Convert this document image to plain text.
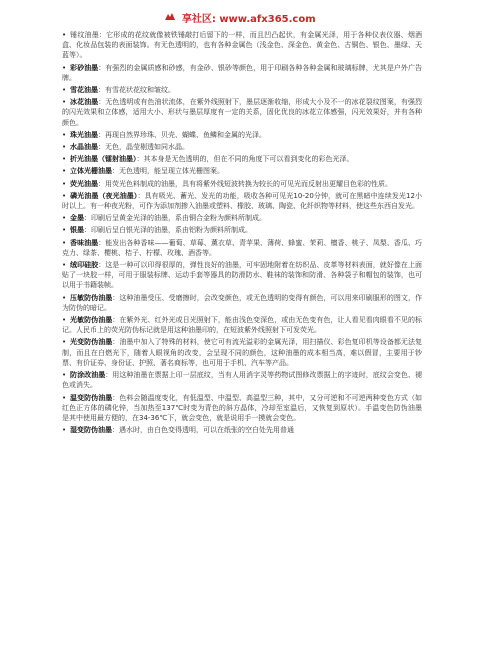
享社区: www.afx365.com

• 锤纹油墨：它形成的花纹就像被铁锤敲打后留下的一样，而且凹凸起伏，有金属光泽，用于各种仪表仪器、烟酒盒、化妆品包装的表面装饰。有无色透明的，也有各种金属色（浅金色、深金色、黄金色、古铜色、银色、墨绿、天蓝等）。

• 彩砂油墨：有强烈的金属质感和砂感，有金砂、银砂等颜色，用于印刷各种各种金属和玻璃标牌，尤其是户外广告牌。

• 雪花油墨：有雪花状花纹和皱纹。

• 冰花油墨：无色透明或有色油状流体，在紫外线照射下，墨层逐渐收缩，形成大小及不一的冰花裂纹图案，有强烈的闪光效果和立体感，适用大小、形状与墨层厚度有一定的关系，固化优良的冰花立体感强，闪光效果好，并有各种颜色。

• 珠光油墨：再现自然界珍珠、贝壳、蝴蝶、鱼鳞和金属的光泽。

• 水晶油墨：无色，晶莹剔透如同水晶。

• 折光油墨（镭射油墨）：其本身是无色透明的，但在不同的角度下可以看到变化的彩色光泽。

• 立体光栅油墨：无色透明，能呈现立体光栅图案。

• 荧光油墨：用荧光色料制成的油墨，具有将紫外线短波转换为较长的可见光而反射出更耀目色彩的性质。

• 磷光油墨（夜光油墨）：具有吸光、蓄光、发光的功能，吸收各种可见光10-20分钟，就可在黑暗中连续发光12小时以上。有一种夜光粉，可作为添加剂掺入油墨或塑料、橡胶、玻璃、陶瓷、化纤织物等材料，使这些东西自发光。

• 金墨：印刷后呈黄金光泽的油墨，系由铜合金粉为颜料所制成。

• 银墨：印刷后呈白银光泽的油墨，系由铝粉为颜料所制成。

• 香味油墨：能发出各种香味——葡萄、草莓、薰衣草、青苹果、薄荷、蜂蜜、茉莉、檀香、桃子、凤梨、香瓜、巧克力、绿茶、樱桃、桔子、柠檬、玫瑰、酒香等。

• 绒印硅胶：这是一种可以印得很厚的，弹性良好的油墨，可牢固地附着在纺织品、皮革等材料表面，就好像在上面贴了一块胶一样，可用于服装标牌、运动手套等器具的防滑防水、鞋袜的装饰和防滑、各种袋子和帽包的装饰，也可以用于书籍装帧。

• 压敏防伪油墨：这种油墨受压、受磨擦时，会改变颜色，或无色透明的变得有颜色，可以用来印刷服形的图文，作为防伪的暗记。

• 光敏防伪油墨：在紫外光、红外光或日光照射下，能由浅色变深色，或由无色变有色，让人看见看肉眼看不见的标记。人民币上的荧光防伪标记就是用这种油墨印的，在短波紫外线照射下可发荧光。

• 光变防伪油墨：油墨中加入了特殊的材料，使它可有流光溢彩的金属光泽，用扫描仪、彩色复印机等设备都无法复制，而且在白燃光下，随着人眼视角的改变，会呈现不同的颜色，这种油墨的成本相当高，难以假冒，主要用于钞票、有价证券、身份证、护照、著名商标等，也可用于手机、汽车等产品。

• 防涂改油墨：用这种油墨在票据上印一层底纹，当有人用消字灵等药物试图修改票据上的字迹时，底纹会变色、褪色或消失。

• 温变防伪油墨：色料会随温度变化，有低温型、中温型、高温型三种，其中，又分可逆和不可逆两种变色方式（如红色正方体的磷化锌，当加热至137℃时变为青色的斜方晶体，冷却至室温后，又恢复到原状）。手温变色防伪油墨是其中使用最方便的，在34-36℃下，就会变色，就是说用手一摸就会变色。

• 湿变防伪油墨：遇水时，由白色变得透明，可以在纸张的空白处先用普通
